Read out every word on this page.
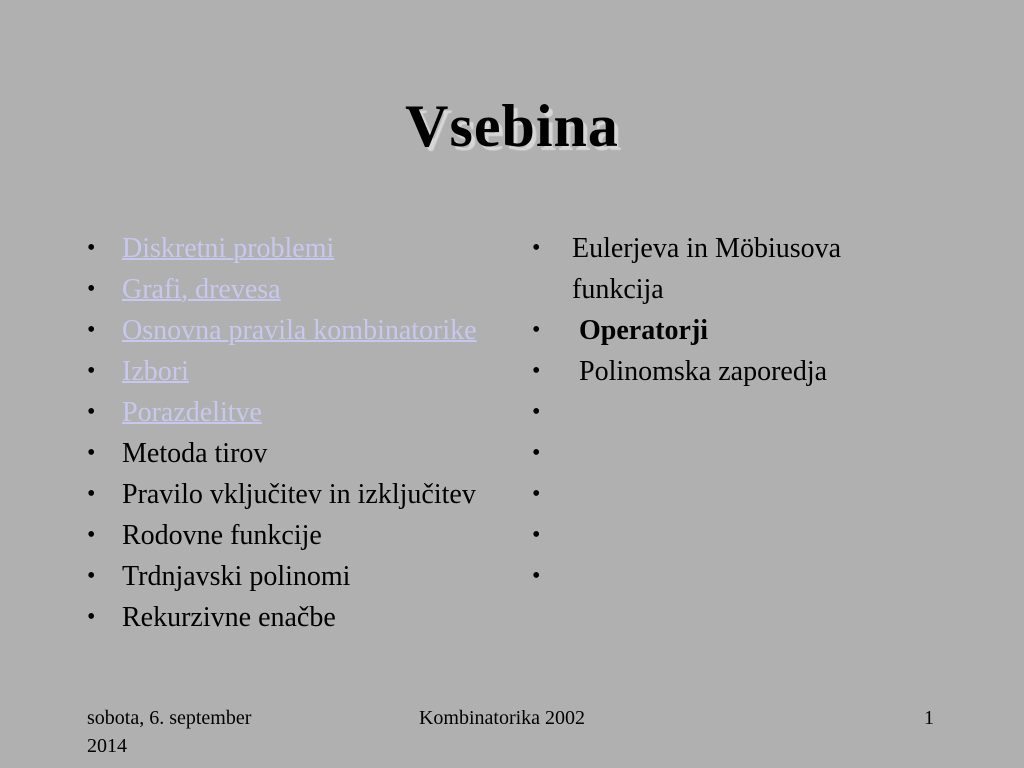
Vsebina
• Diskretni problemi
• Grafi, drevesa
• Osnovna pravila kombinatorike
• Izbori
• Porazdelitve
• Metoda tirov
• Pravilo vključitev in izključitev
• Rodovne funkcije
• Trdnjavski polinomi
• Rekurzivne enačbe
•	Eulerjeva in Möbiusova funkcija
•	Operatorji
•	Polinomska zaporedja
•
•
•
•
•
sobota, 6. september 2014
Kombinatorika 2002	1
